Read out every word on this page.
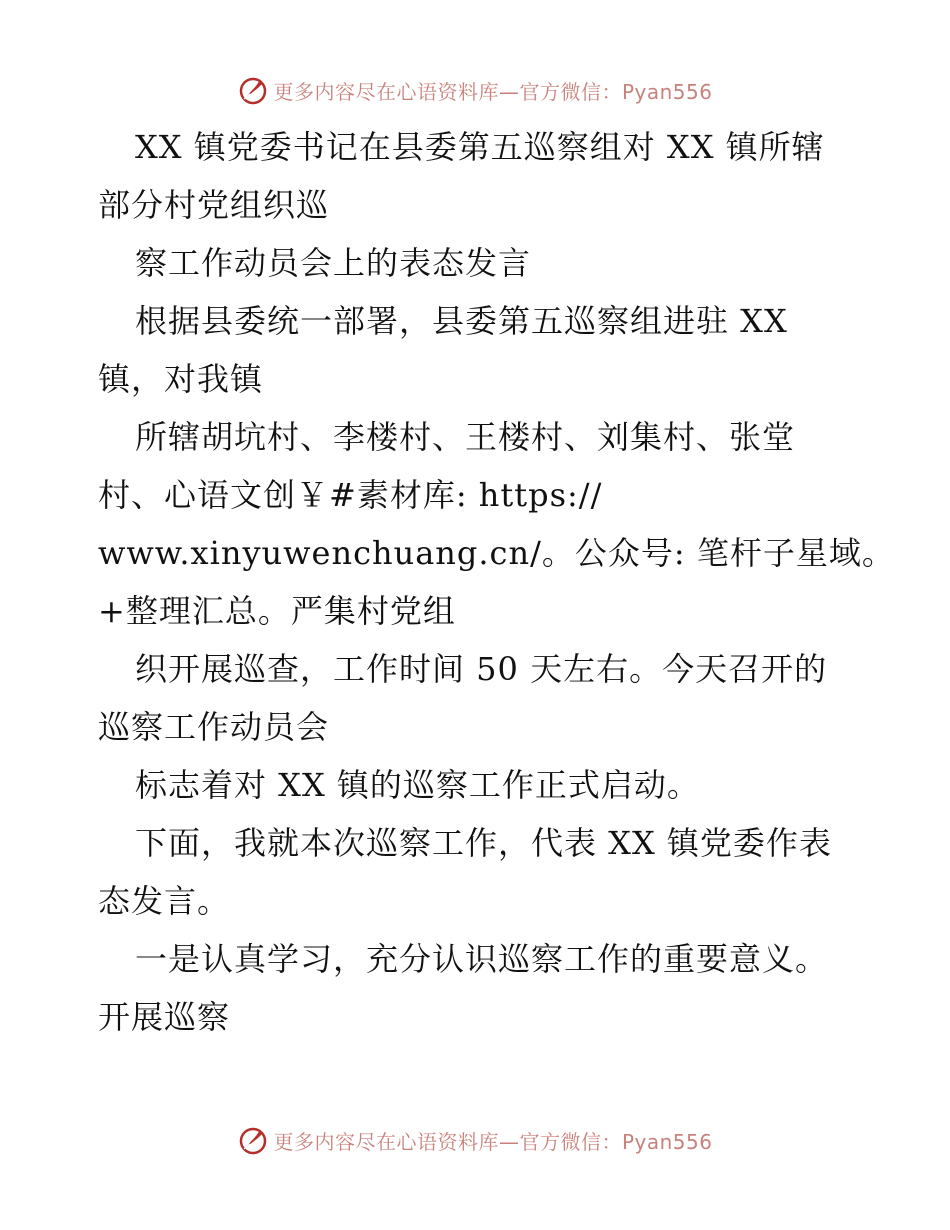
更多内容尽在心语资料库—官方微信：Pyan556
XX 镇党委书记在县委第五巡察组对 XX 镇所辖
部分村党组织巡
察工作动员会上的表态发言
根据县委统一部署，县委第五巡察组进驻 XX
镇，对我镇
所辖胡坑村、李楼村、王楼村、刘集村、张堂
村、心语文创￥#素材库: https://
www.xinyuwenchuang.cn/。公众号: 笔杆子星域。
+整理汇总。严集村党组
织开展巡查，工作时间 50 天左右。今天召开的
巡察工作动员会
标志着对 XX 镇的巡察工作正式启动。
下面，我就本次巡察工作，代表 XX 镇党委作表
态发言。
一是认真学习，充分认识巡察工作的重要意义。
开展巡察
更多内容尽在心语资料库—官方微信：Pyan556
